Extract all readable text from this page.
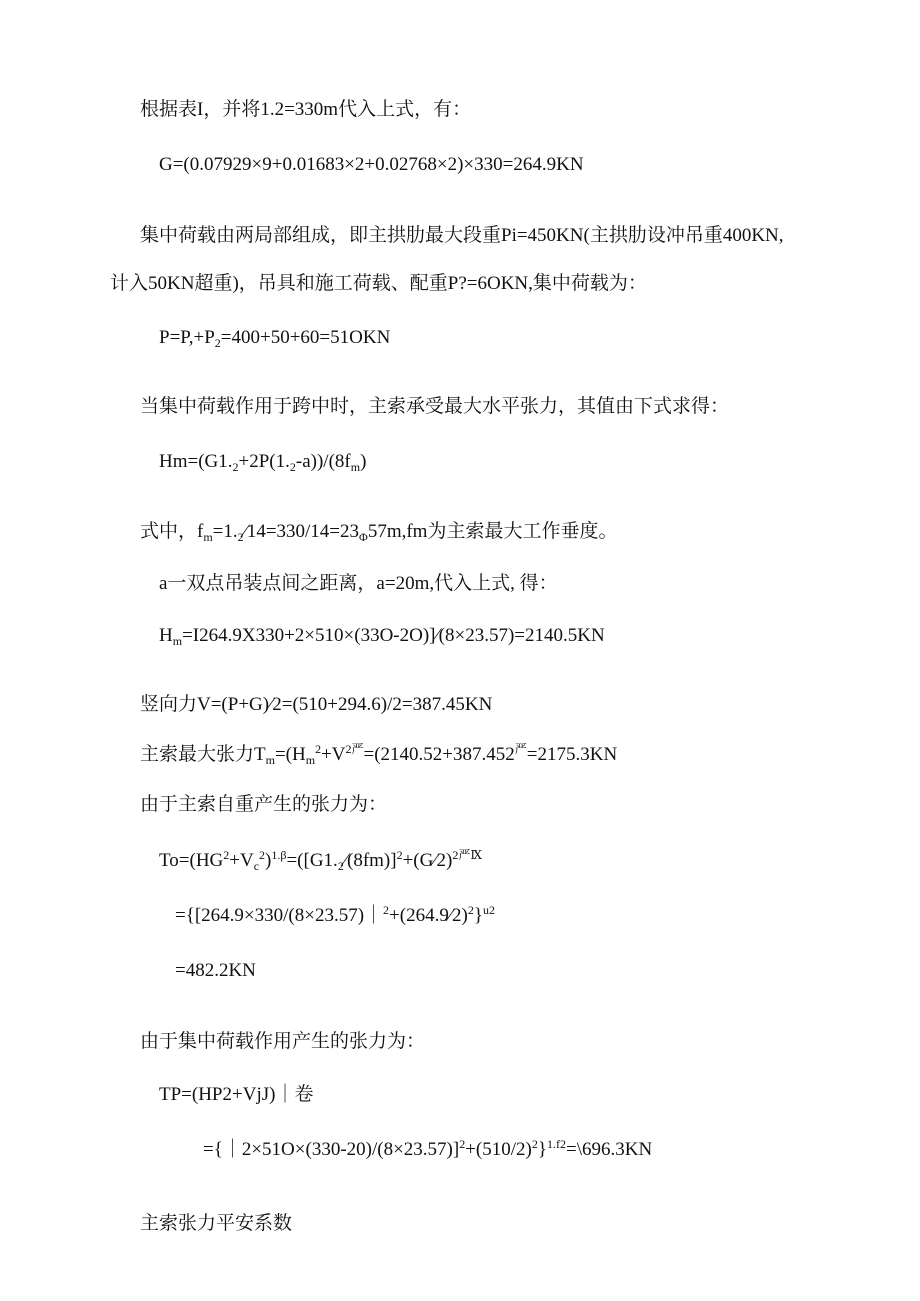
根据表I，并将1.2=330m代入上式，有：
G=(0.07929×9+0.01683×2+0.02768×2)×330=264.9KN
集中荷载由两局部组成，即主拱肋最大段重Pi=450KN(主拱肋设冲吊重400KN,
计入50KN超重)，吊具和施工荷载、配重P?=6OKN,集中荷载为：
$P=P,+P_2=400+50+60=51OKN$
当集中荷载作用于跨中时，主索承受最大水平张力，其值由下式求得：
$Hm=(G1._2+2P(1._2-a))/(8f_m)$
式中，$f_m=1._2⁄14=330/14=23_\Phi 57m,fm$为主索最大工作垂度。
a一双点吊装点间之距离，a=20m,代入上式, 得：
$H_m=I264.9X330+2\times 510\times(33O-2O)]⁄(8\times 23.57)=2140.5KN$
竖向力V=(P+G)⁄2=(510+294.6)/2=387.45KN
主索最大张力$T_m=(H_m^2+V^{2严}=(2140.52+387.452^严=2175.3KN$
由于主索自重产生的张力为：
$To=(HG^2+V_c^2)^{1.\beta}=([G1._2⁄(8fm)]^2+(G⁄2)^{2严Ⅸ}$
={[264.9×330/(8×23.57)｜$^2$+(264.9⁄2)$^2$}$^{u2}$
=482.2KN
由于集中荷载作用产生的张力为：
TP=(HP2+VjJ)｜卷
$=\{|2\times 51O\times(330-20)/(8\times 23.57)]^2+(510/2)^2\}^{1.f2}=\backslash 696.3KN$
主索张力平安系数
